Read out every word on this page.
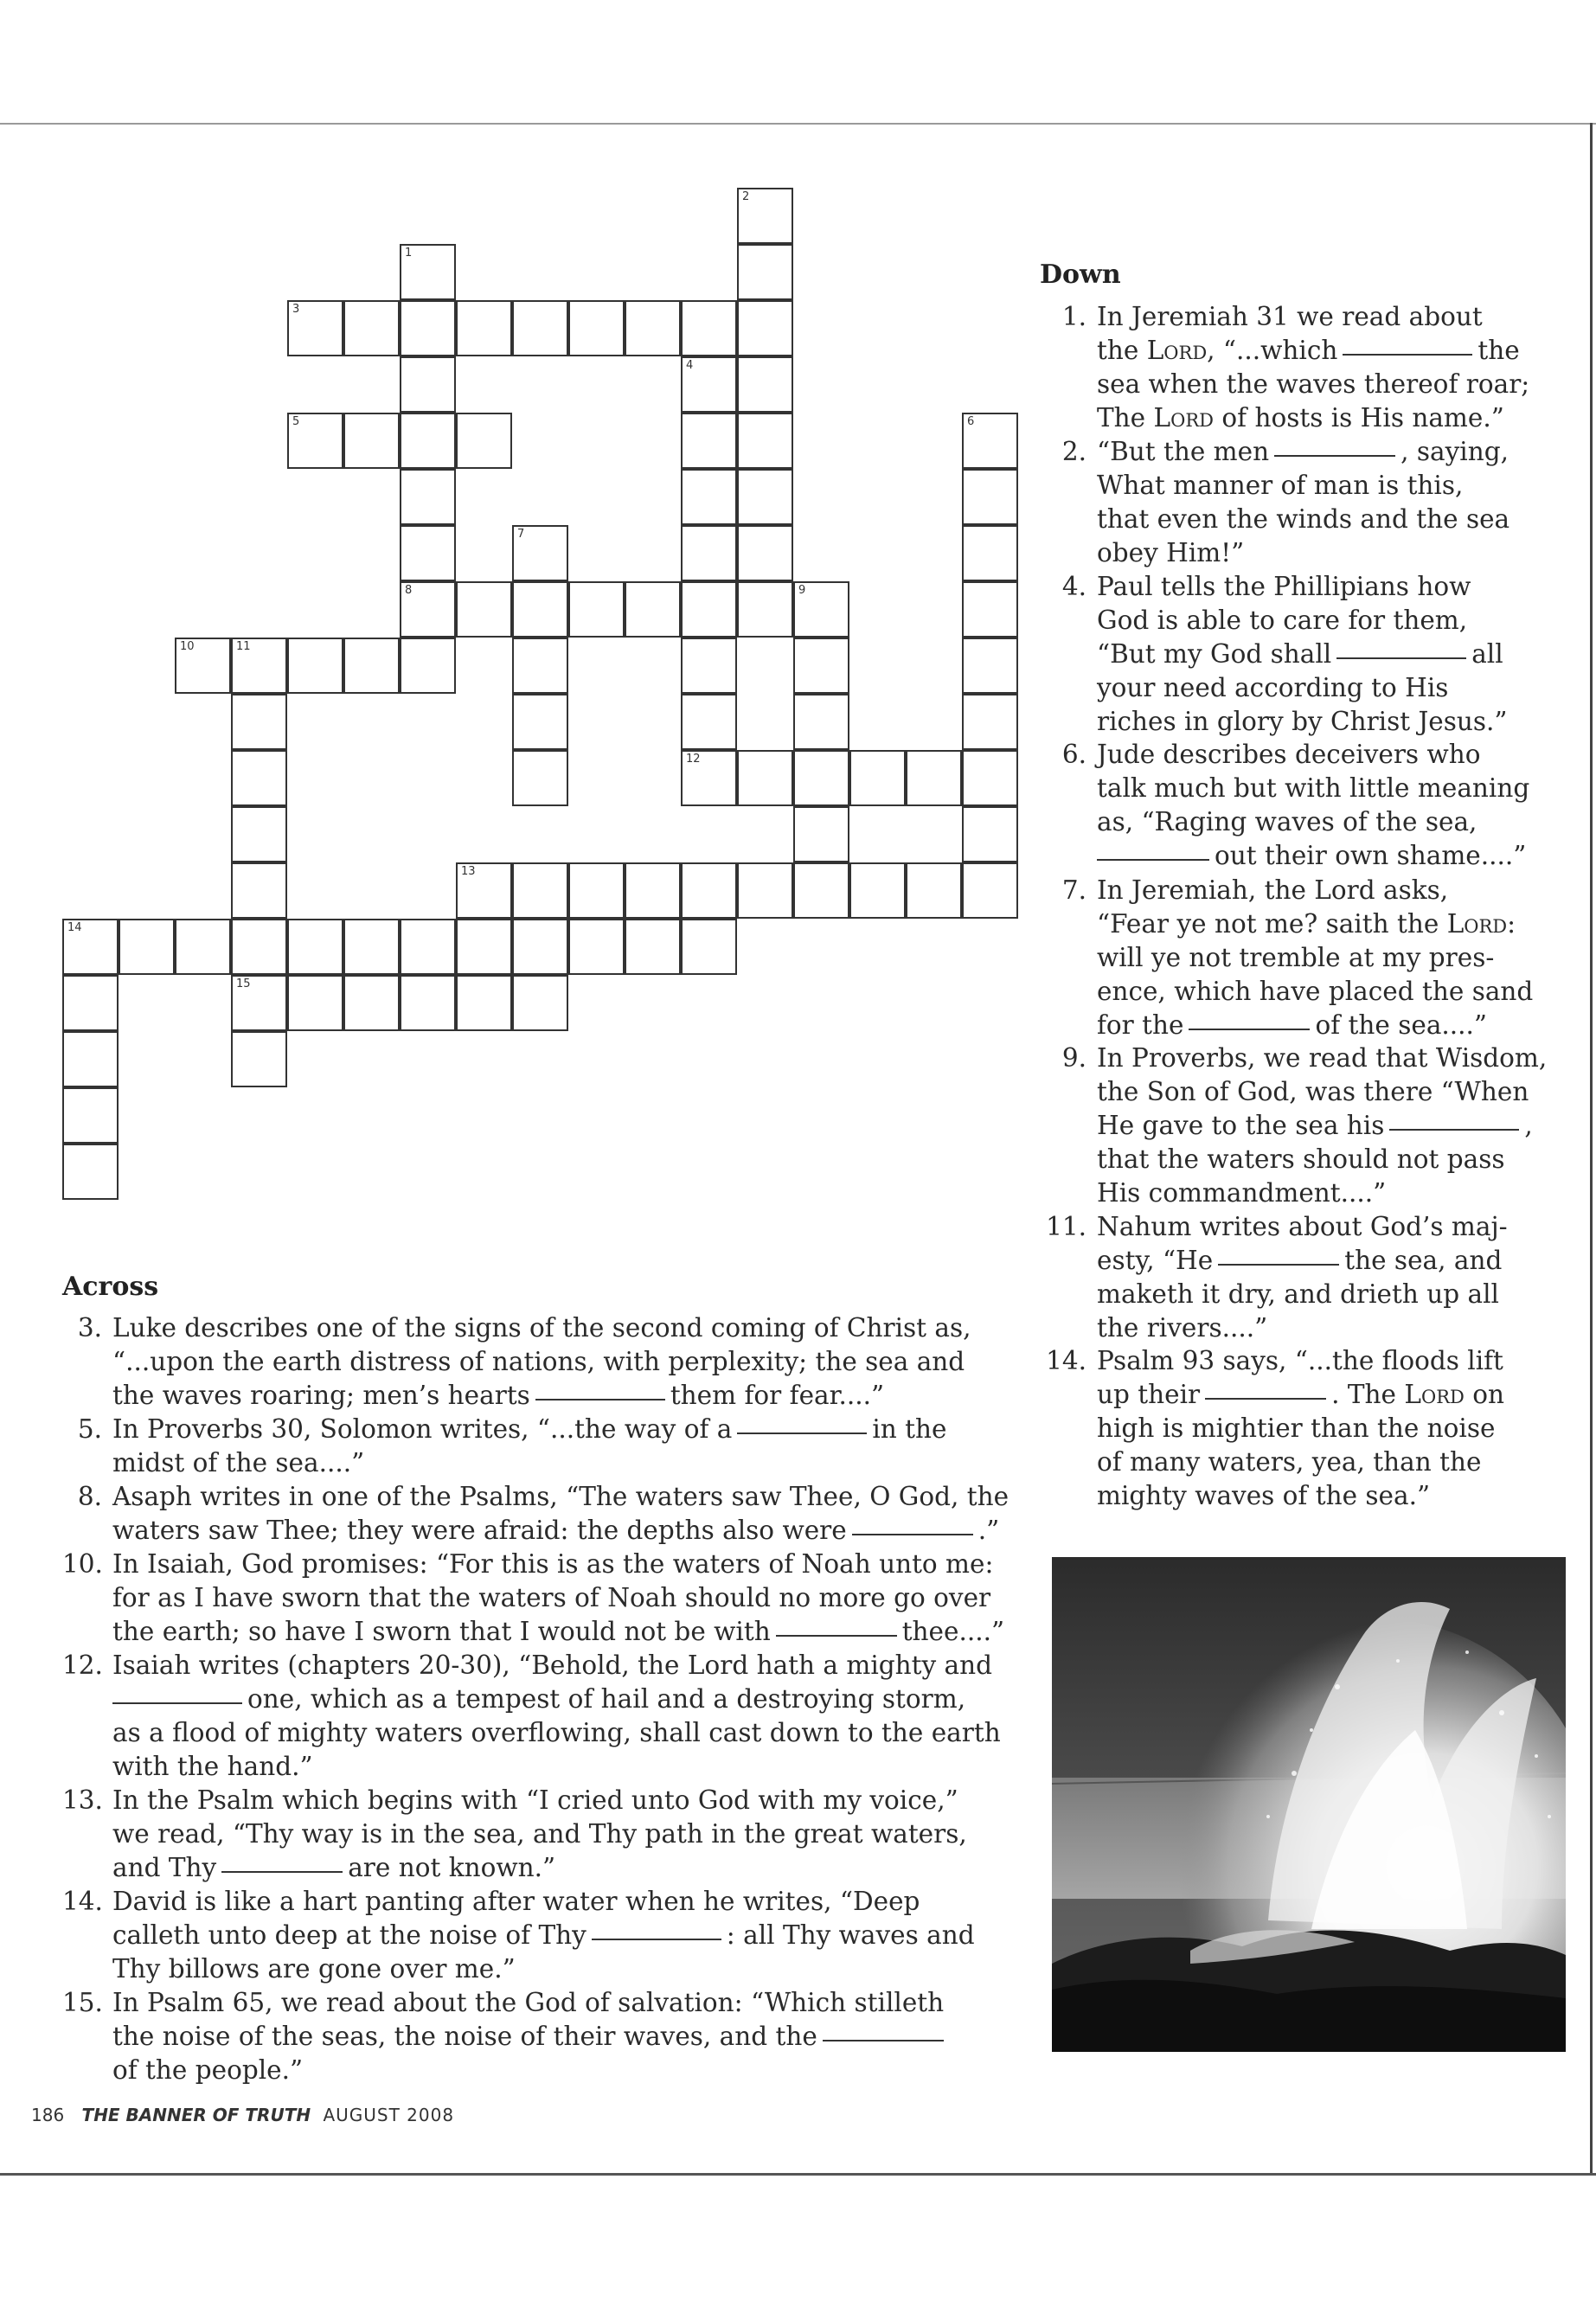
1
8
3
2
4
5	6
7
9
10	11
15
12
13
14
Down
1. In Jeremiah 31 we read about
the Lord, “...which	the
sea when the waves thereof roar;
The Lord of hosts is His name.”
2. “But the men	, saying,
What manner of man is this,
that even the winds and the sea
obey Him!”
4. Paul tells the Phillipians how
God is able to care for them,
“But my God shall	all
your need according to His
riches in glory by Christ Jesus.”
6. Jude describes deceivers who
talk much but with little meaning
as, “Raging waves of the sea,
out their own shame....”
7. In Jeremiah, the Lord asks,
“Fear ye not me? saith the Lord:
will ye not tremble at my pres-
ence, which have placed the sand
for the	of the sea....”
9. In Proverbs, we read that Wisdom,
the Son of God, was there “When
He gave to the sea his	,
that the waters should not pass
His commandment....”
11. Nahum writes about God’s maj-
esty, “He	the sea, and
maketh it dry, and drieth up all
the rivers....”
14. Psalm 93 says, “...the floods lift
up their	. The Lord on
high is mightier than the noise
of many waters, yea, than the
mighty waves of the sea.”
Across
3. Luke describes one of the signs of the second coming of Christ as,
“...upon the earth distress of nations, with perplexity; the sea and
the waves roaring; men’s hearts	them for fear....”
5. In Proverbs 30, Solomon writes, “...the way of a	in the
midst of the sea....”
8. Asaph writes in one of the Psalms, “The waters saw Thee, O God, the
waters saw Thee; they were afraid: the depths also were	.”
10. In Isaiah, God promises: “For this is as the waters of Noah unto me:
for as I have sworn that the waters of Noah should no more go over
the earth; so have I sworn that I would not be with	thee....”
12. Isaiah writes (chapters 20-30), “Behold, the Lord hath a mighty and
one, which as a tempest of hail and a destroying storm,
as a flood of mighty waters overflowing, shall cast down to the earth
with the hand.”
13. In the Psalm which begins with “I cried unto God with my voice,”
we read, “Thy way is in the sea, and Thy path in the great waters,
and Thy	are not known.”
14. David is like a hart panting after water when he writes, “Deep
calleth unto deep at the noise of Thy	: all Thy waves and
Thy billows are gone over me.”
15. In Psalm 65, we read about the God of salvation: “Which stilleth
the noise of the seas, the noise of their waves, and the
of the people.”
186 THE BANNER OF TRUTH AUGUST 2008
